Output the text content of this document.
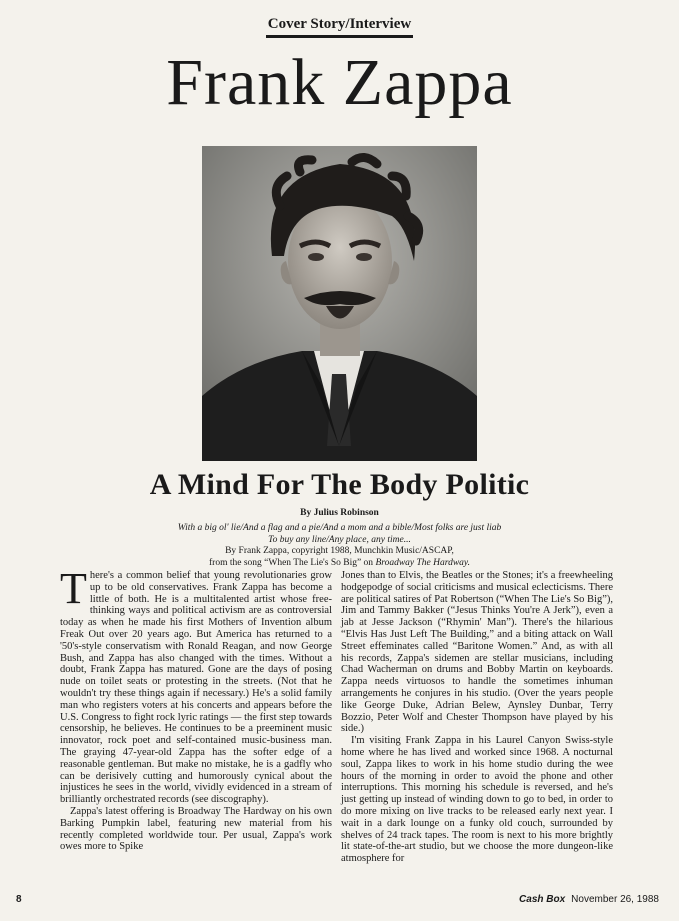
Cover Story/Interview
Frank Zappa
A Mind For The Body Politic
By Julius Robinson
With a big ol' lie/And a flag and a pie/And a mom and a bible/Most folks are just liab
To buy any line/Any place, any time...
By Frank Zappa, copyright 1988, Munchkin Music/ASCAP,
from the song “When The Lie's So Big” on Broadway The Hardway.

There's a common belief that young revolutionaries grow up to be old conservatives. Frank Zappa has become a little of both. He is a multitalented artist whose free-thinking ways and political activism are as controversial today as when he made his first Mothers of Invention album Freak Out over 20 years ago. But America has returned to a '50's-style conservatism with Ronald Reagan, and now George Bush, and Zappa has also changed with the times. Without a doubt, Frank Zappa has matured. Gone are the days of posing nude on toilet seats or protesting in the streets. (Not that he wouldn't try these things again if necessary.) He's a solid family man who registers voters at his concerts and appears before the U.S. Congress to fight rock lyric ratings — the first step towards censorship, he believes. He continues to be a preeminent music innovator, rock poet and self-contained music-business man. The graying 47-year-old Zappa has the softer edge of a reasonable gentleman. But make no mistake, he is a gadfly who can be derisively cutting and humorously cynical about the injustices he sees in the world, vividly evidenced in a stream of brilliantly orchestrated records (see discography).

Zappa's latest offering is Broadway The Hardway on his own Barking Pumpkin label, featuring new material from his recently completed worldwide tour. Per usual, Zappa's work owes more to Spike

Jones than to Elvis, the Beatles or the Stones; it's a freewheeling hodgepodge of social criticisms and musical eclecticisms. There are political satires of Pat Robertson (“When The Lie's So Big”), Jim and Tammy Bakker (“Jesus Thinks You're A Jerk”), even a jab at Jesse Jackson (“Rhymin' Man”). There's the hilarious “Elvis Has Just Left The Building,” and a biting attack on Wall Street effeminates called “Baritone Women.” And, as with all his records, Zappa's sidemen are stellar musicians, including Chad Wacherman on drums and Bobby Martin on keyboards. Zappa needs virtuosos to handle the sometimes inhuman arrangements he conjures in his studio. (Over the years people like George Duke, Adrian Belew, Aynsley Dunbar, Terry Bozzio, Peter Wolf and Chester Thompson have played by his side.)

I'm visiting Frank Zappa in his Laurel Canyon Swiss-style home where he has lived and worked since 1968. A nocturnal soul, Zappa likes to work in his home studio during the wee hours of the morning in order to avoid the phone and other interruptions. This morning his schedule is reversed, and he's just getting up instead of winding down to go to bed, in order to do more mixing on live tracks to be released early next year. I wait in a dark lounge on a funky old couch, surrounded by shelves of 24 track tapes. The room is next to his more brightly lit state-of-the-art studio, but we choose the more dungeon-like atmosphere for

8	Cash Box November 26, 1988
